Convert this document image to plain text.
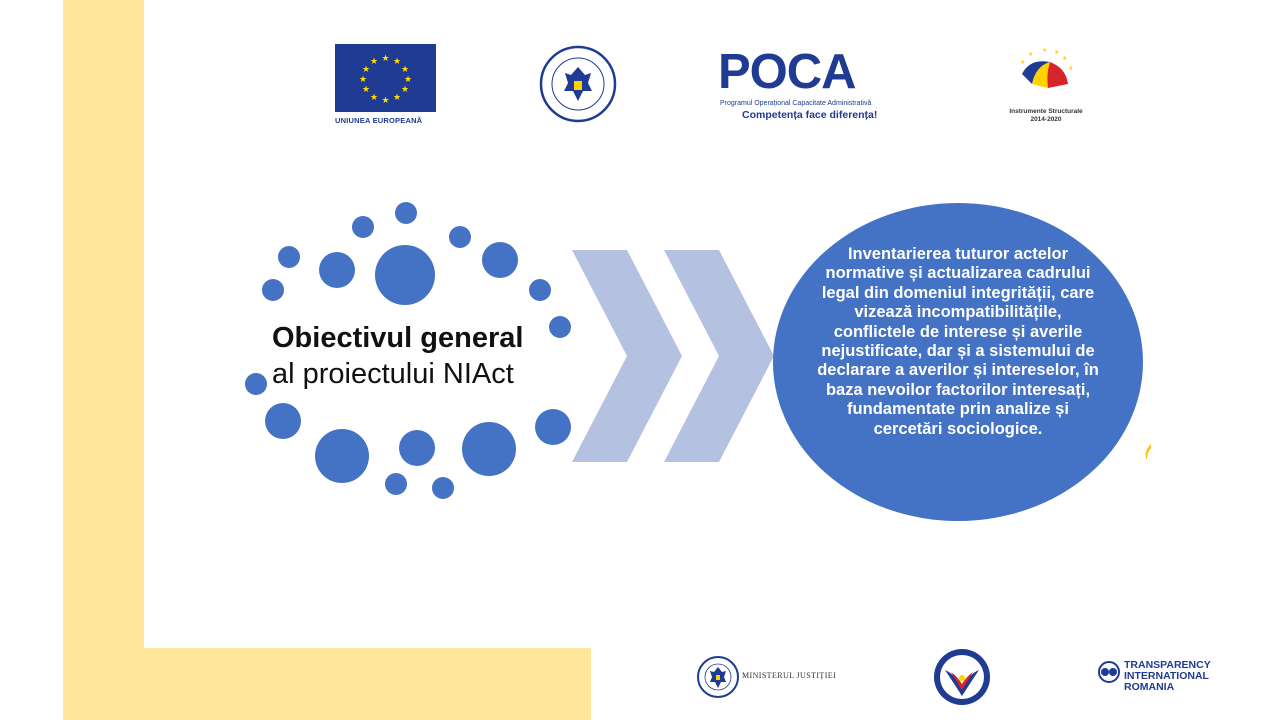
★ ★
★
★
★
★
★
★
★
★
★
★
UNIUNEA EUROPEANĂ
POCA
Programul Operațional Capacitate Administrativă
Competența face diferența!
★ ★
★
★
★
★
Instrumente Structurale
2014-2020
Obiectivul general
al proiectului NIAct
Inventarierea tuturor actelor normative și actualizarea cadrului legal din domeniul integrității, care vizează incompatibilitățile, conflictele de interese și averile nejustificate, dar și a sistemului de declarare a averilor și intereselor, în baza nevoilor factorilor interesați, fundamentate prin analize și cercetări sociologice.
MINISTERUL JUSTIȚIEI
TRANSPARENCY
INTERNATIONAL
ROMANIA
